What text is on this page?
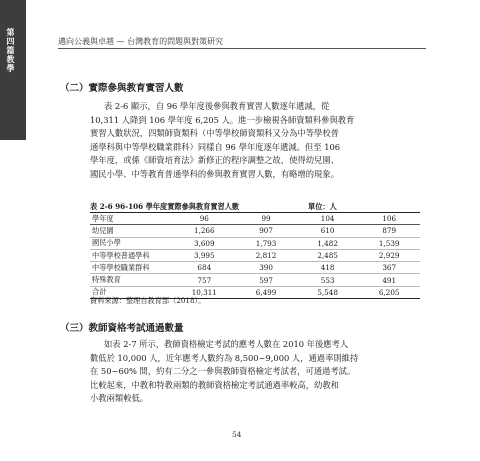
第四篇教學	邁向公義與卓越 — 台灣教育的問題與對策研究
（二）實際參與教育實習人數
表 2-6 顯示，自 96 學年度後參與教育實習人數逐年遞減，從
10,311 人降到 106 學年度 6,205 人。進一步檢視各師資類科參與教育
實習人數狀況，四類師資類科（中等學校師資類科又分為中等學校普
通學科與中等學校職業群科）同樣自 96 學年度逐年遞減。但至 106
學年度，或係《師資培育法》新修正的程序調整之故，使得幼兒園、
國民小學、中等教育普通學科的參與教育實習人數，有略增的現象。
表 2-6 96-106 學年度實際參與教育實習人數	單位：人
學年度	96	99	104	106
幼兒園	1,266	907	610	879
國民小學	3,609	1,793	1,482	1,539
中等學校普通學科	3,995	2,812	2,485	2,929
中等學校職業群科	684	390	418	367
特殊教育	757	597	553	491
合計	10,311	6,499	5,548	6,205
資料來源：整理自教育部（2018）。
（三）教師資格考試通過數量
如表 2-7 所示，教師資格檢定考試的應考人數在 2010 年後應考人
數低於 10,000 人，近年應考人數約為 8,500~9,000 人，通過率則維持
在 50~60% 間，約有二分之一參與教師資格檢定考試者，可通過考試。
比較起來，中教和特教兩類的教師資格檢定考試通過率較高，幼教和
小教兩類較低。
54
